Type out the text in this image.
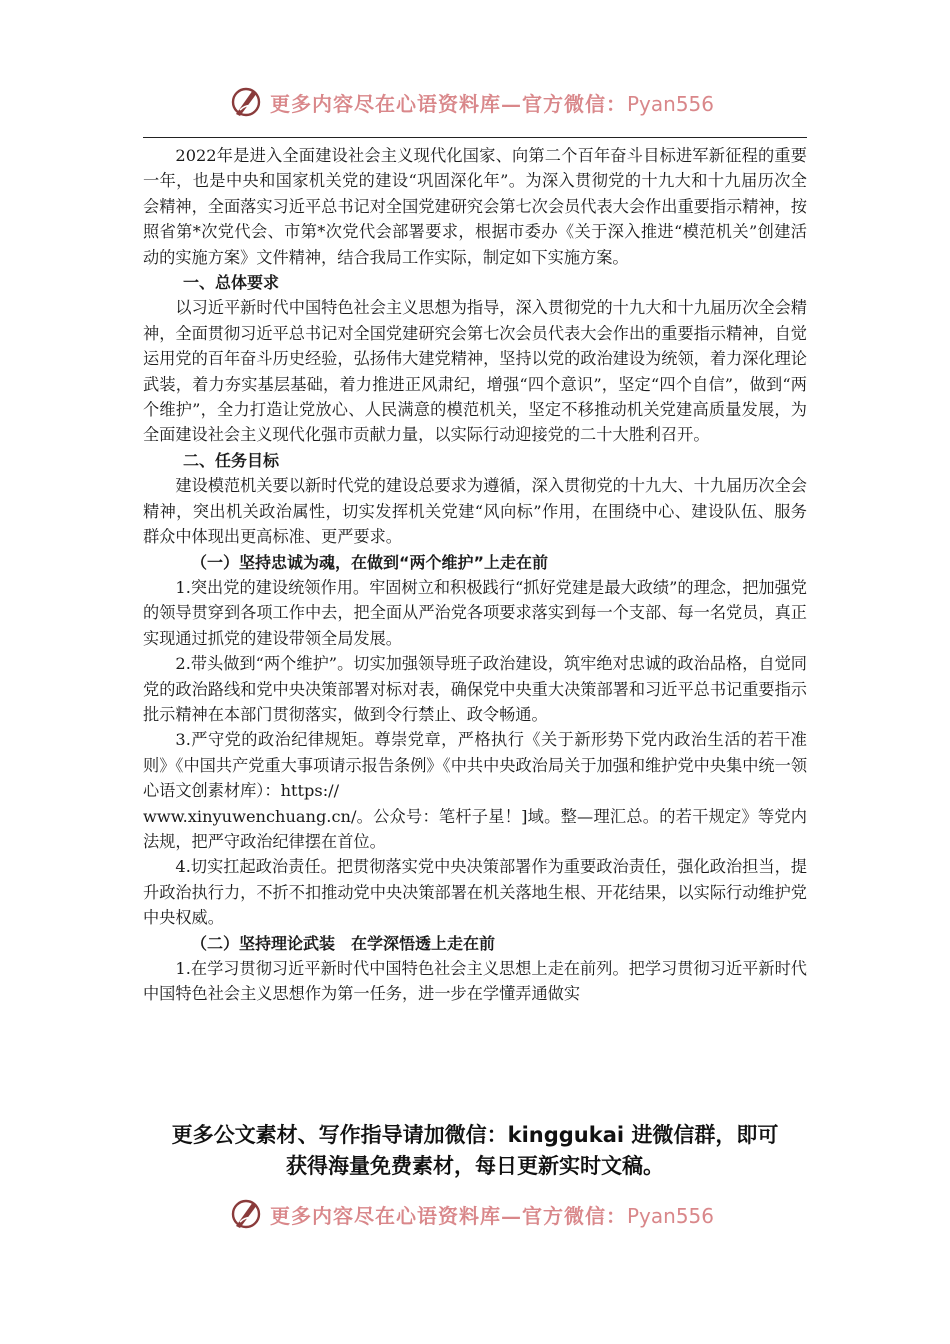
更多内容尽在心语资料库—官方微信：Pyan556

2022年是进入全面建设社会主义现代化国家、向第二个百年奋斗目标进军新征程的重要一年，也是中央和国家机关党的建设“巩固深化年”。为深入贯彻党的十九大和十九届历次全会精神，全面落实习近平总书记对全国党建研究会第七次会员代表大会作出重要指示精神，按照省第*次党代会、市第*次党代会部署要求，根据市委办《关于深入推进“模范机关”创建活动的实施方案》文件精神，结合我局工作实际，制定如下实施方案。

一、总体要求

以习近平新时代中国特色社会主义思想为指导，深入贯彻党的十九大和十九届历次全会精神，全面贯彻习近平总书记对全国党建研究会第七次会员代表大会作出的重要指示精神，自觉运用党的百年奋斗历史经验，弘扬伟大建党精神，坚持以党的政治建设为统领，着力深化理论武装，着力夯实基层基础，着力推进正风肃纪，增强“四个意识”，坚定“四个自信”，做到“两个维护”，全力打造让党放心、人民满意的模范机关，坚定不移推动机关党建高质量发展，为全面建设社会主义现代化强市贡献力量，以实际行动迎接党的二十大胜利召开。

二、任务目标

建设模范机关要以新时代党的建设总要求为遵循，深入贯彻党的十九大、十九届历次全会精神，突出机关政治属性，切实发挥机关党建“风向标”作用，在围绕中心、建设队伍、服务群众中体现出更高标准、更严要求。

（一）坚持忠诚为魂，在做到“两个维护”上走在前

1.突出党的建设统领作用。牢固树立和积极践行“抓好党建是最大政绩”的理念，把加强党的领导贯穿到各项工作中去，把全面从严治党各项要求落实到每一个支部、每一名党员，真正实现通过抓党的建设带领全局发展。

2.带头做到“两个维护”。切实加强领导班子政治建设，筑牢绝对忠诚的政治品格，自觉同党的政治路线和党中央决策部署对标对表，确保党中央重大决策部署和习近平总书记重要指示批示精神在本部门贯彻落实，做到令行禁止、政令畅通。

3.严守党的政治纪律规矩。尊崇党章，严格执行《关于新形势下党内政治生活的若干准则》《中国共产党重大事项请示报告条例》《中共中央政治局关于加强和维护党中央集中统一领心语文创素材库）：https://

www.xinyuwenchuang.cn/。公众号：笔杆子星！]域。整—理汇总。的若干规定》等党内法规，把严守政治纪律摆在首位。

4.切实扛起政治责任。把贯彻落实党中央决策部署作为重要政治责任，强化政治担当，提升政治执行力，不折不扣推动党中央决策部署在机关落地生根、开花结果，以实际行动维护党中央权威。

（二）坚持理论武装　在学深悟透上走在前

1.在学习贯彻习近平新时代中国特色社会主义思想上走在前列。把学习贯彻习近平新时代中国特色社会主义思想作为第一任务，进一步在学懂弄通做实

更多公文素材、写作指导请加微信：kinggukai 进微信群，即可
获得海量免费素材，每日更新实时文稿。
更多内容尽在心语资料库—官方微信：Pyan556
